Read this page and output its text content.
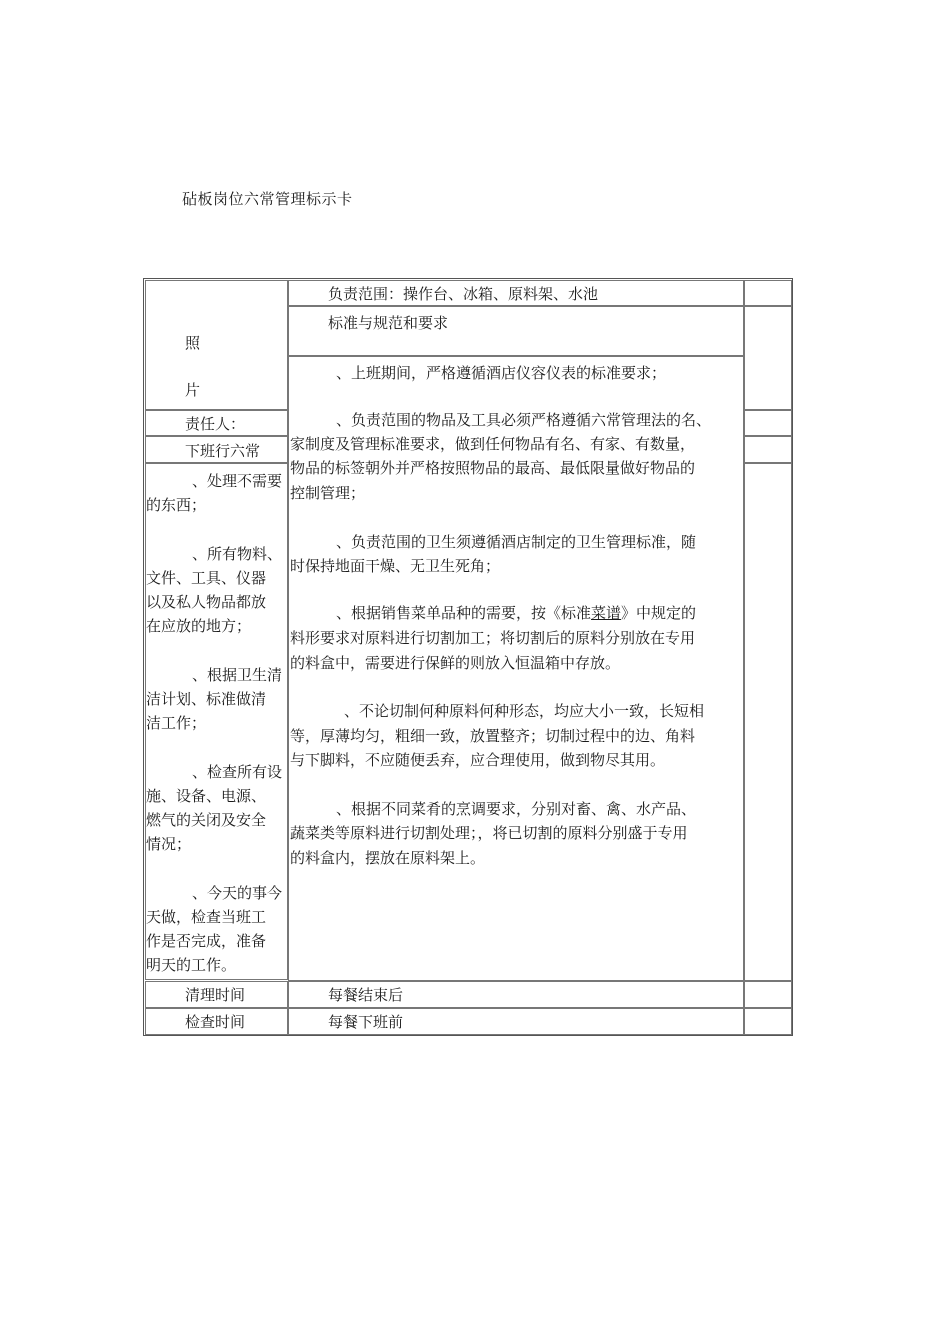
砧板岗位六常管理标示卡
照
片
责任人：
下班行六常
、处理不需要
的东西；
、所有物料、
文件、工具、仪器
以及私人物品都放
在应放的地方；
、根据卫生清
洁计划、标准做清
洁工作；
、检查所有设
施、设备、电源、
燃气的关闭及安全
情况；
、今天的事今
天做，检查当班工
作是否完成，准备
明天的工作。
清理时间
检查时间
负责范围：操作台、冰箱、原料架、水池
标准与规范和要求
、上班期间，严格遵循酒店仪容仪表的标准要求；
、负责范围的物品及工具必须严格遵循六常管理法的名、
家制度及管理标准要求，做到任何物品有名、有家、有数量，
物品的标签朝外并严格按照物品的最高、最低限量做好物品的
控制管理；
、负责范围的卫生须遵循酒店制定的卫生管理标准，随
时保持地面干燥、无卫生死角；
、根据销售菜单品种的需要，按《标准菜谱》中规定的
料形要求对原料进行切割加工；将切割后的原料分别放在专用
的料盒中，需要进行保鲜的则放入恒温箱中存放。
、不论切制何种原料何种形态，均应大小一致，长短相
等，厚薄均匀，粗细一致，放置整齐；切制过程中的边、角料
与下脚料，不应随便丢弃，应合理使用，做到物尽其用。
、根据不同菜肴的烹调要求，分别对畜、禽、水产品、
蔬菜类等原料进行切割处理；，将已切割的原料分别盛于专用
的料盒内，摆放在原料架上。
每餐结束后
每餐下班前
